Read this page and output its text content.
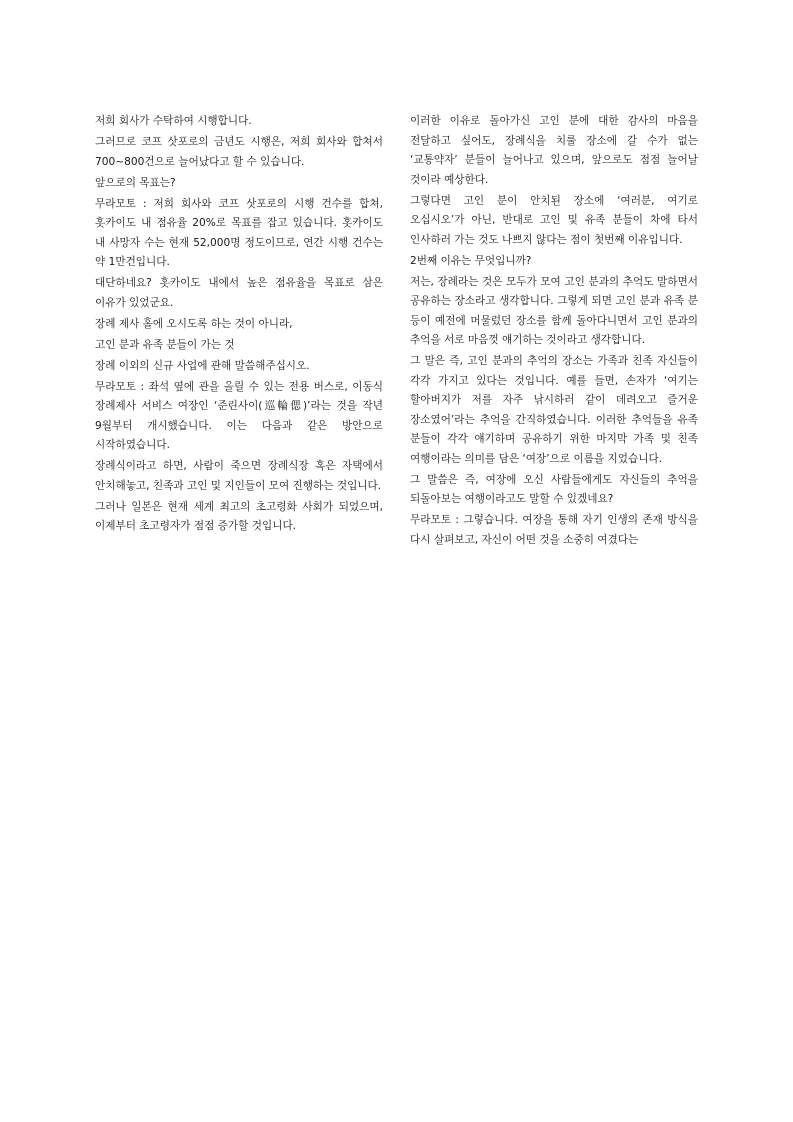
저희 회사가 수탁하여 시행합니다.

그러므로 코프 삿포로의 금년도 시행은, 저희 회사와 합쳐서 700~800건으로 늘어났다고 할 수 있습니다.

앞으로의 목표는?

무라모토 : 저희 회사와 코프 삿포로의 시행 건수를 합쳐, 홋카이도 내 점유율 20%로 목표를 잡고 있습니다. 홋카이도 내 사망자 수는 현재 52,000명 정도이므로, 연간 시행 건수는 약 1만건입니다.

대단하네요? 홋카이도 내에서 높은 점유율을 목표로 삼은 이유가 있었군요.

장례 제사 홀에 오시도록 하는 것이 아니라,

고인 분과 유족 분들이 가는 것

장례 이외의 신규 사업에 관해 말씀해주십시오.

무라모토 : 좌석 옆에 관을 올릴 수 있는 전용 버스로, 이동식 장례제사 서비스 여장인 ‘준린사이(巡輪偲)’라는 것을 작년 9월부터 개시했습니다. 이는 다음과 같은 방안으로 시작하였습니다.

장례식이라고 하면, 사람이 죽으면 장례식장 혹은 자택에서 안치해놓고, 친족과 고인 및 지인들이 모여 진행하는 것입니다.

그러나 일본은 현재 세계 최고의 초고령화 사회가 되었으며, 이제부터 초고령자가 점점 증가할 것입니다.

이러한 이유로 돌아가신 고인 분에 대한 감사의 마음을 전달하고 싶어도, 장례식을 치룰 장소에 갈 수가 없는 ‘교통약자’ 분들이 늘어나고 있으며, 앞으로도 점점 늘어날 것이라 예상한다.

그렇다면 고인 분이 안치된 장소에 ‘여러분, 여기로 오십시오’가 아닌, 반대로 고인 및 유족 분들이 차에 타서 인사하러 가는 것도 나쁘지 않다는 점이 첫번째 이유입니다.

2번째 이유는 무엇입니까?

저는, 장례라는 것은 모두가 모여 고인 분과의 추억도 말하면서 공유하는 장소라고 생각합니다. 그렇게 되면 고인 분과 유족 분 등이 예전에 머물렀던 장소를 함께 돌아다니면서 고인 분과의 추억을 서로 마음껏 얘기하는 것이라고 생각합니다.

그 말은 즉, 고인 분과의 추억의 장소는 가족과 친족 자신들이 각각 가지고 있다는 것입니다. 예를 들면, 손자가 ‘여기는 할아버지가 저를 자주 낚시하러 같이 데려오고 즐거운 장소였어’라는 추억을 간직하였습니다. 이러한 추억들을 유족 분들이 각각 얘기하며 공유하기 위한 마지막 가족 및 친족 여행이라는 의미를 담은 ‘여장’으로 이름을 지었습니다.

그 말씀은 즉, 여장에 오신 사람들에게도 자신들의 추억을 되돌아보는 여행이라고도 말할 수 있겠네요?

무라모토 : 그렇습니다. 여장을 통해 자기 인생의 존재 방식을 다시 살펴보고, 자신이 어떤 것을 소중히 여겼다는
